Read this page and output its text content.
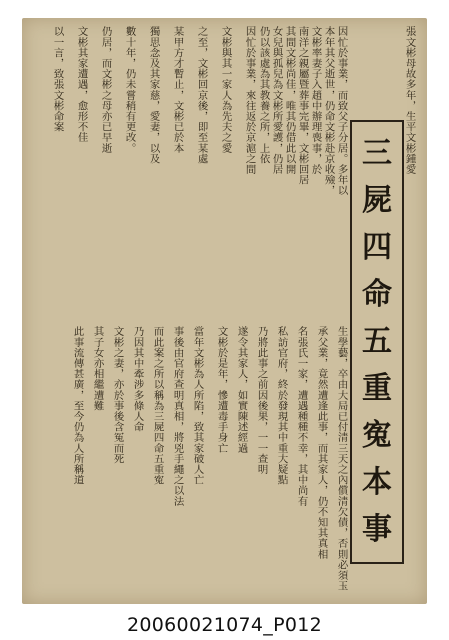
三
屍
四
命
五
重
寃
本
事
張文彬母故多年，生平文彬鍾愛
因忙於事業，而致父子分居。多年以
本年其父逝世，仍命文彬赴京收殮，
文彬率妻子入趙中辦理喪事，於
南洋之親屬暨葬事完畢，文彬回居
其間文彬尚佳，唯其仍借此以開
女兒與孤兒為文彬所愛護，仍居
仍以該處為其教養之所，上依
因忙於事業，來往返於京滬之間
文彬與其一家人為先夫之愛
之至，文彬回京後，即至某處
某甲方才暫止，文彬已於本
獨思念及其家慈，愛妻，以及
數十年，仍未嘗稍有更改。
仍居，而文彬之母亦已早逝
文彬其家遭遇，愈形不佳
以一言，致張文彬命案
生學藝，卒由大局已付清三天之內償清欠債，否則必須玉
承父業，竟然遭逢此事，而其家人，仍不知其真相
名張氏一家，遭遇種種不幸，其中尚有
私訪官府，終於發現其中重大疑點
乃將此事之前因後果，一一查明
遂令其家人，如實陳述經過
文彬於是年，慘遭毒手身亡
當年文彬為人所陷，致其家破人亡
事後由官府查明真相，將兇手繩之以法
而此案之所以稱為三屍四命五重寃
乃因其中牽涉多條人命
文彬之妻，亦於事後含冤而死
其子女亦相繼遭難
此事流傳甚廣，至今仍為人所稱道
20060021074_P012
